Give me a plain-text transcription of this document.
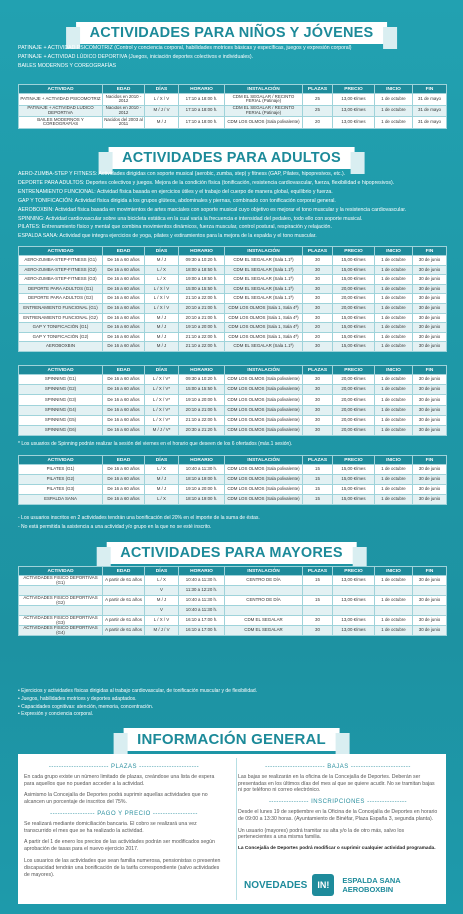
ACTIVIDADES PARA NIÑOS Y JÓVENES

PATINAJE + ACTIVIDAD PSICOMOTRIZ (Control y conciencia corporal, habilidades motrices básicas y específicas, juegos y expresión corporal)

PATINAJE + ACTIVIDAD LÚDICO DEPORTIVA (Juegos, iniciación deportes colectivos e individuales).

BAILES MODERNOS Y COREOGRAFÍAS

ACTIVIDAD	EDAD	DÍAS	HORARIO	INSTALACIÓN	PLAZAS	PRECIO	INICIO	FIN
PATINAJE + ACTIVIDAD PSICOMOTRIZ	Nacidos en 2010 - 2012	L / X / V	17:10 a 18:00 h.	CDM EL SEGALAR / RECINTO FERIAL (Patinaje)	25	13,00 €/mes	1 de octubre	31 de mayo
PATINAJE + ACTIVIDAD LÚDICO DEPORTIVA	Nacidos en 2010 - 2012	M / J / V	17:10 a 18:00 h.	CDM EL SEGALAR / RECINTO FERIAL (Patinaje)	25	13,00 €/mes	1 de octubre	31 de mayo
BAILES MODERNOS Y COREOGRAFÍAS	Nacidos del 2003 al 2011	M / J	17:10 a 18:00 h.	CDM LOS OLMOS (Sala polivalente)	20	13,00 €/mes	1 de octubre	31 de mayo
ACTIVIDADES PARA ADULTOS

AERO-ZUMBA-STEP Y FITNESS: Actividades dirigidas con soporte musical (aerobic, zumba, step) y fitness (GAP, Pilates, hipopresivos, etc.).

DEPORTE PARA ADULTOS: Deportes colectivos y juegos. Mejora de la condición física (tonificación, resistencia cardiovascular, fuerza, flexibilidad e hipopresivos).

ENTRENAMIENTO FUNCIONAL: Actividad física basada en ejercicios útiles y el trabajo del cuerpo de manera global, equilibrio y fuerza.

GAP Y TONIFICACIÓN: Actividad física dirigida a los grupos glúteos, abdominales y piernas, combinado con tonificación corporal general.

AEROBOXBIN: Actividad física basada en movimientos de artes marciales con soporte musical cuyo objetivo es mejorar el tono muscular y la resistencia cardiovascular.

SPINNING: Actividad cardiovascular sobre una bicicleta estática en la cual varía la frecuencia e intensidad del pedaleo, todo ello con soporte musical.

PILATES: Entrenamiento físico y mental que combina movimientos dinámicos, fuerza muscular, control postural, respiración y relajación.

ESPALDA SANA: Actividad que integra ejercicios de yoga, pilates y estiramientos para la mejora de la espalda y el tono muscular.

ACTIVIDAD	EDAD	DÍAS	HORARIO	INSTALACIÓN	PLAZAS	PRECIO	INICIO	FIN
AERO-ZUMBA-STEP-FITNESS (G1)	De 16 a 60 años	M / J	09:30 a 10:20 h.	CDM EL SEGALAR (Sala 1.1ª)	30	15,00 €/mes	1 de octubre	30 de junio
AERO-ZUMBA-STEP-FITNESS (G2)	De 16 a 60 años	L / X	18:00 a 18:50 h.	CDM EL SEGALAR (Sala 1.1ª)	30	15,00 €/mes	1 de octubre	30 de junio
AERO-ZUMBA-STEP-FITNESS (G3)	De 16 a 60 años	L / X	19:00 a 19:50 h.	CDM EL SEGALAR (Sala 1.1ª)	30	15,00 €/mes	1 de octubre	30 de junio
DEPORTE PARA ADULTOS (G1)	De 16 a 60 años	L / X / V	15:00 a 15:50 h.	CDM EL SEGALAR (Sala 1.1ª)	30	20,00 €/mes	1 de octubre	30 de junio
DEPORTE PARA ADULTOS (G2)	De 16 a 60 años	L / X / V	21:10 a 22:00 h.	CDM EL SEGALAR (Sala 1.1ª)	30	20,00 €/mes	1 de octubre	30 de junio
ENTRENAMIENTO FUNCIONAL (G1)	De 16 a 60 años	L / X / V	20:10 a 21:00 h.	CDM LOS OLMOS (Sala 1, Sala 4ª)	30	20,00 €/mes	1 de octubre	30 de junio
ENTRENAMIENTO FUNCIONAL (G2)	De 16 a 60 años	M / J	20:10 a 21:00 h.	CDM LOS OLMOS (Sala 1, Sala 4ª)	30	15,00 €/mes	1 de octubre	30 de junio
GAP Y TONIFICACIÓN (G1)	De 16 a 60 años	M / J	19:10 a 20:00 h.	CDM LOS OLMOS (Sala 1, Sala 4ª)	20	15,00 €/mes	1 de octubre	30 de junio
GAP Y TONIFICACIÓN (G2)	De 16 a 60 años	M / J	21:10 a 22:00 h.	CDM LOS OLMOS (Sala 1, Sala 4ª)	20	15,00 €/mes	1 de octubre	30 de junio
AEROBOXBIN	De 16 a 60 años	M / J	21:10 a 22:00 h.	CDM EL SEGALAR (Sala 1.1ª)	30	15,00 €/mes	1 de octubre	30 de junio
ACTIVIDAD	EDAD	DÍAS	HORARIO	INSTALACIÓN	PLAZAS	PRECIO	INICIO	FIN
SPINNING (G1)	De 16 a 60 años	L / X / V*	09:30 a 10:20 h.	CDM LOS OLMOS (Sala polivalente)	30	20,00 €/mes	1 de octubre	30 de junio
SPINNING (G2)	De 16 a 60 años	L / X / V*	15:00 a 15:50 h.	CDM LOS OLMOS (Sala polivalente)	30	20,00 €/mes	1 de octubre	30 de junio
SPINNING (G3)	De 16 a 60 años	L / X / V*	19:10 a 20:00 h.	CDM LOS OLMOS (Sala polivalente)	30	20,00 €/mes	1 de octubre	30 de junio
SPINNING (G4)	De 16 a 60 años	L / X / V*	20:10 a 21:00 h.	CDM LOS OLMOS (Sala polivalente)	30	20,00 €/mes	1 de octubre	30 de junio
SPINNING (G5)	De 16 a 60 años	L / X / V*	21:10 a 22:00 h.	CDM LOS OLMOS (Sala polivalente)	30	20,00 €/mes	1 de octubre	30 de junio
SPINNING (G6)	De 16 a 60 años	M / J / V*	20:30 a 21:20 h.	CDM LOS OLMOS (Sala polivalente)	30	20,00 €/mes	1 de octubre	30 de junio
* Los usuarios de Spinning podrán realizar la sesión del viernes en el horario que deseen de los 6 ofertados (máx.1 sesión).
ACTIVIDAD	EDAD	DÍAS	HORARIO	INSTALACIÓN	PLAZAS	PRECIO	INICIO	FIN
PILATES (G1)	De 16 a 60 años	L / X	10:40 a 11:30 h.	CDM LOS OLMOS (Sala polivalente)	15	15,00 €/mes	1 de octubre	30 de junio
PILATES (G2)	De 16 a 60 años	M / J	18:10 a 19:00 h.	CDM LOS OLMOS (Sala polivalente)	15	15,00 €/mes	1 de octubre	30 de junio
PILATES (G3)	De 16 a 60 años	M / J	19:10 a 20:00 h.	CDM LOS OLMOS (Sala polivalente)	15	15,00 €/mes	1 de octubre	30 de junio
ESPALDA SANA	De 16 a 60 años	L / X	18:10 a 19:00 h.	CDM LOS OLMOS (Sala polivalente)	15	15,00 €/mes	1 de octubre	30 de junio

- Los usuarios inscritos en 2 actividades tendrán una bonificación del 20% en el importe de la suma de éstas.

- No está permitida la asistencia a una actividad y/o grupo en la que no se esté inscrito.

ACTIVIDADES PARA MAYORES
ACTIVIDAD	EDAD	DÍAS	HORARIO	INSTALACIÓN	PLAZAS	PRECIO	INICIO	FIN
ACTIVIDADES FÍSICO DEPORTIVAS (G1)	A partir de 61 años	L / X	10:40 a 11:30 h.	CENTRO DE DÍA	15	13,00 €/mes	1 de octubre	30 de junio
		V	11:30 a 12:20 h.					
ACTIVIDADES FÍSICO DEPORTIVAS (G2)	A partir de 61 años	M / J	10:40 a 11:30 h.	CENTRO DE DÍA	15	13,00 €/mes	1 de octubre	30 de junio
		V	10:40 a 11:30 h.					
ACTIVIDADES FÍSICO DEPORTIVAS (G3)	A partir de 61 años	L / X / V	16:10 a 17:00 h.	CDM EL SEGALAR	30	13,00 €/mes	1 de octubre	30 de junio
ACTIVIDADES FÍSICO DEPORTIVAS (G4)	A partir de 61 años	M / J / V	16:10 a 17:00 h.	CDM EL SEGALAR	30	13,00 €/mes	1 de octubre	30 de junio

• Ejercicios y actividades físicas dirigidas al trabajo cardiovascular, de tonificación muscular y de flexibilidad.

• Juegos, habilidades motrices y deportes adaptados.

• Capacidades cognitivas: atención, memoria, concentración.

• Expresión y conciencia corporal.

INFORMACIÓN GENERAL
------------------------ PLAZAS ------------------------

En cada grupo existe un número limitado de plazas, creándose una lista de espera para aquellos que no puedan acceder a la actividad.

Asimismo la Concejalía de Deportes podrá suprimir aquellas actividades que no alcancen un porcentaje de inscritos del 75%.

------------------ PAGO Y PRECIO ------------------

Se realizará mediante domiciliación bancaria. El cobro se realizará una vez transcurrido el mes que se ha realizado la actividad.

A partir del 1 de enero los precios de las actividades podrán ser modificados según aprobación de tasas para el nuevo ejercicio 2017.

Los usuarios de las actividades que sean familia numerosa, pensionistas o presenten discapacidad tendrán una bonificación de la tarifa correspondiente (salvo actividades de mayores).

------------------------ BAJAS ------------------------

Las bajas se realizarán en la oficina de la Concejalía de Deportes. Deberán ser presentadas en los últimos días del mes al que se quiere acudir. No se tramitan bajas ni por teléfono ni correo electrónico.

---------------- INSCRIPCIONES ----------------

Desde el lunes 19 de septiembre en la Oficina de la Concejalía de Deportes en horario de 09:00 a 13:30 horas. (Ayuntamiento de Binéfar, Plaza España 3, segunda planta).

Un usuario (mayores) podrá tramitar su alta y/o la de otro más, salvo los pertenecientes a una misma familia.

La Concejalía de Deportes podrá modificar o suprimir cualquier actividad programada.

NOVEDADES	IN!	ESPALDA SANA
AEROBOXBIN
